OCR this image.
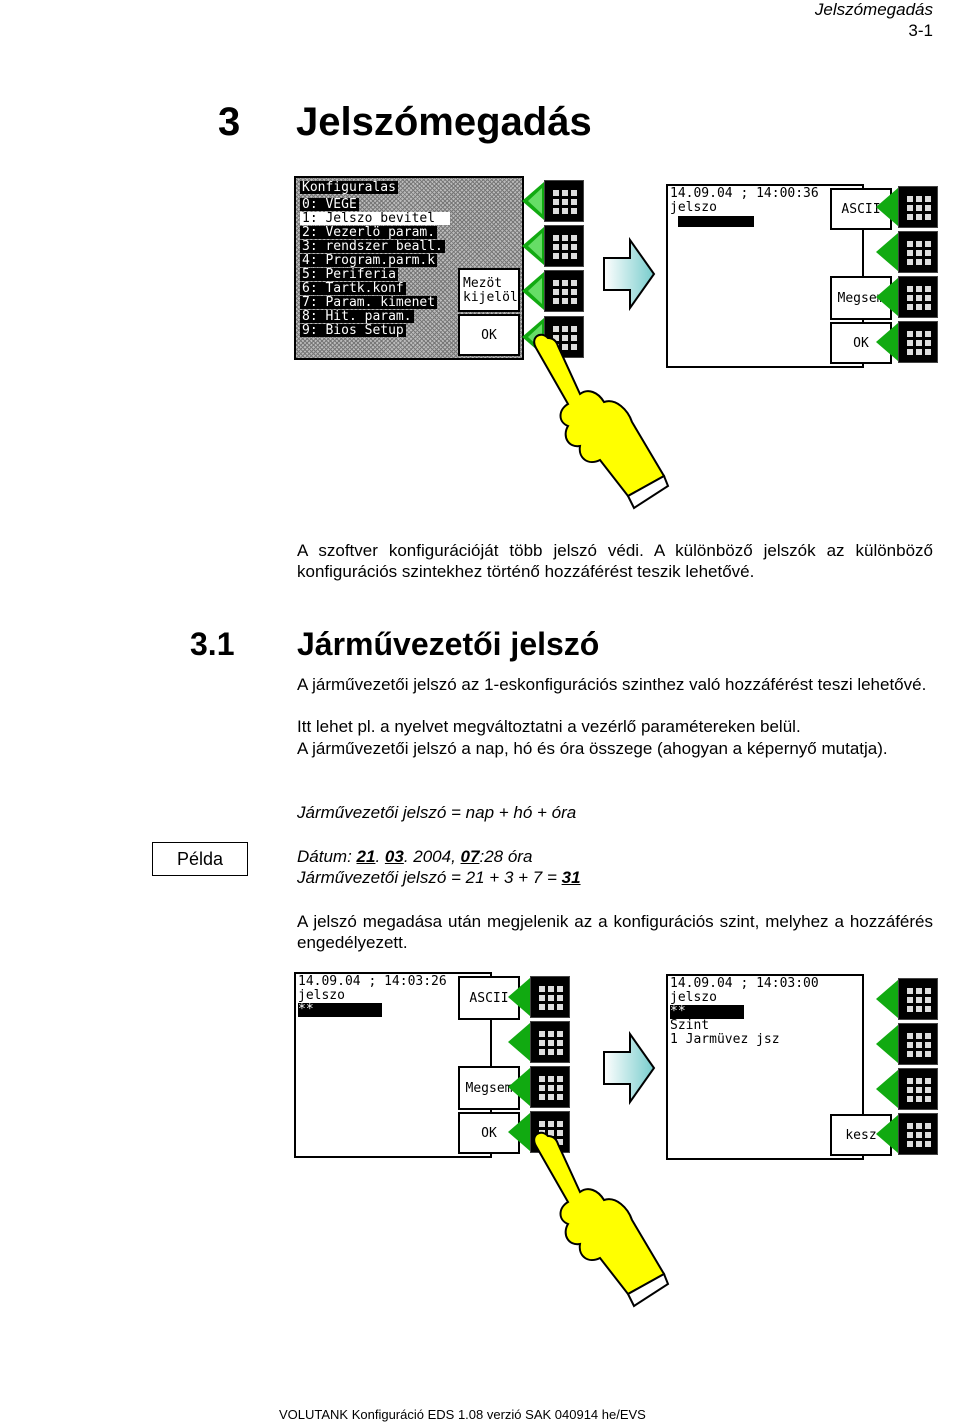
Jelszómegadás
3-1
3 Jelszómegadás
Konfiguralas
0: VEGE
1: Jelszo bevitel
2: Vezerlö param.
3: rendszer beall.
4: Program.parm.k
5: Periferia
6: Tartk.konf
7: Param. kimenet
8: Hit. param.
9: Bios Setup
Mezöt
kijelöl
OK
14.09.04 ; 14:00:36
jelszo	ASCII
Megsem
OK
A szoftver konfigurációját több jelszó védi. A különböző jelszók az különböző konfigurációs szintekhez történő hozzáférést teszik lehetővé.
3.1 Járművezetői jelszó
A járművezetői jelszó az 1-eskonfigurációs szinthez való hozzáférést teszi lehetővé.
Itt lehet pl. a nyelvet megváltoztatni a vezérlő paramétereken belül.
A járművezetői jelszó a nap, hó és óra összege (ahogyan a képernyő mutatja).
Járművezetői jelszó = nap + hó + óra
Példa	Dátum: 21. 03. 2004, 07:28 óra
Járművezetői jelszó = 21 + 3 + 7 = 31
A jelszó megadása után megjelenik az a konfigurációs szint, melyhez a hozzáférés engedélyezett.
14.09.04 ; 14:03:26
jelszo
**
ASCII
Megsem
OK
14.09.04 ; 14:03:00
jelszo
**
Szint
1 Jarmüvez jsz
kesz
VOLUTANK Konfiguráció EDS 1.08 verzió SAK 040914 he/EVS
